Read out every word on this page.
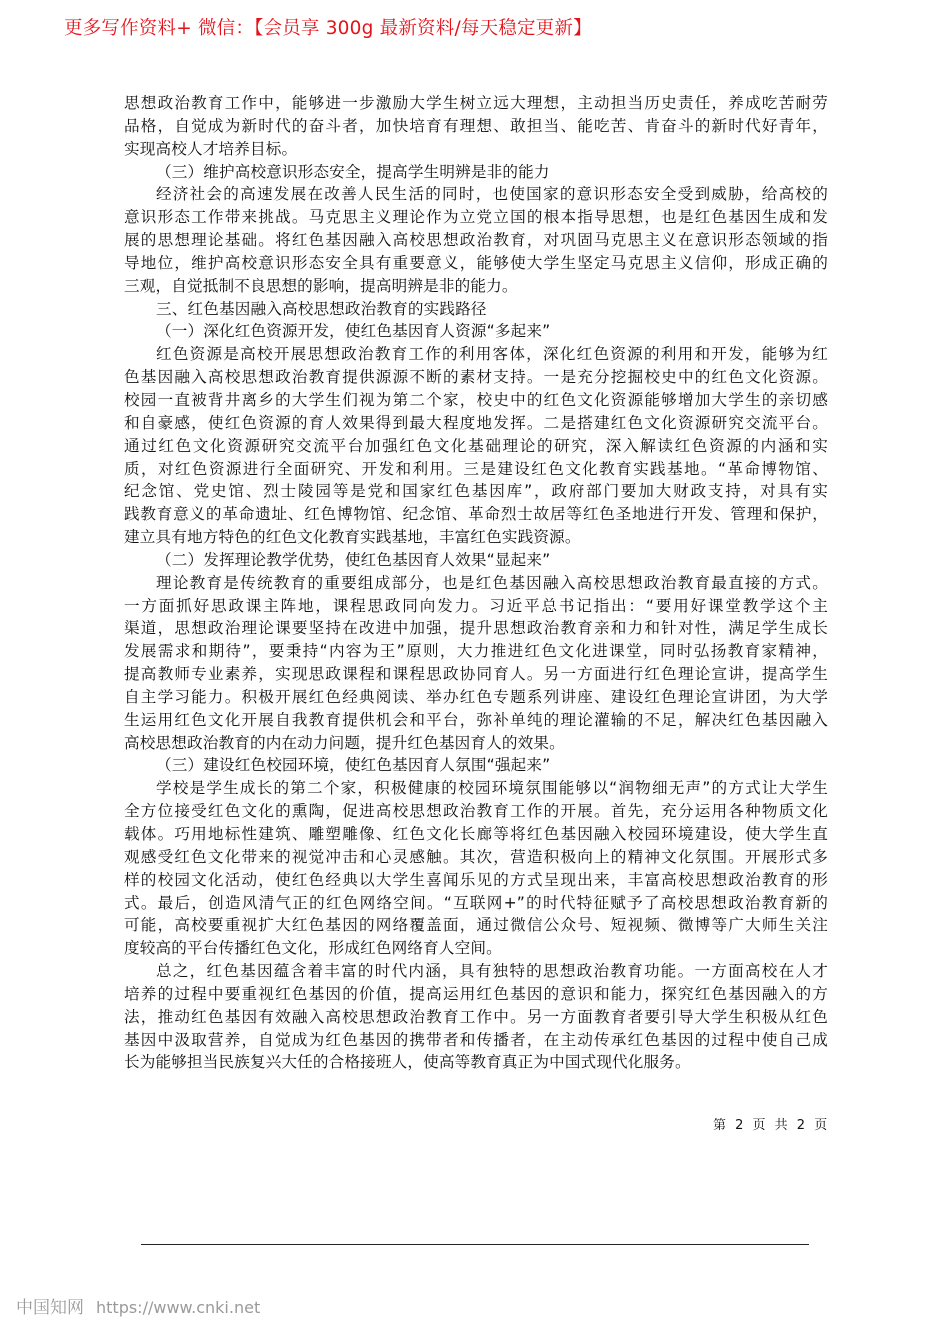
更多写作资料+ 微信：【会员享 300g 最新资料/每天稳定更新】
思想政治教育工作中，能够进一步激励大学生树立远大理想，主动担当历史责任，养成吃苦耐劳
品格，自觉成为新时代的奋斗者，加快培育有理想、敢担当、能吃苦、肯奋斗的新时代好青年，
实现高校人才培养目标。
（三）维护高校意识形态安全，提高学生明辨是非的能力
经济社会的高速发展在改善人民生活的同时，也使国家的意识形态安全受到威胁，给高校的
意识形态工作带来挑战。马克思主义理论作为立党立国的根本指导思想，也是红色基因生成和发
展的思想理论基础。将红色基因融入高校思想政治教育，对巩固马克思主义在意识形态领域的指
导地位，维护高校意识形态安全具有重要意义，能够使大学生坚定马克思主义信仰，形成正确的
三观，自觉抵制不良思想的影响，提高明辨是非的能力。
三、红色基因融入高校思想政治教育的实践路径
（一）深化红色资源开发，使红色基因育人资源“多起来”
红色资源是高校开展思想政治教育工作的利用客体，深化红色资源的利用和开发，能够为红
色基因融入高校思想政治教育提供源源不断的素材支持。一是充分挖掘校史中的红色文化资源。
校园一直被背井离乡的大学生们视为第二个家，校史中的红色文化资源能够增加大学生的亲切感
和自豪感，使红色资源的育人效果得到最大程度地发挥。二是搭建红色文化资源研究交流平台。
通过红色文化资源研究交流平台加强红色文化基础理论的研究，深入解读红色资源的内涵和实
质，对红色资源进行全面研究、开发和利用。三是建设红色文化教育实践基地。“革命博物馆、
纪念馆、党史馆、烈士陵园等是党和国家红色基因库”，政府部门要加大财政支持，对具有实
践教育意义的革命遗址、红色博物馆、纪念馆、革命烈士故居等红色圣地进行开发、管理和保护，
建立具有地方特色的红色文化教育实践基地，丰富红色实践资源。
（二）发挥理论教学优势，使红色基因育人效果“显起来”
理论教育是传统教育的重要组成部分，也是红色基因融入高校思想政治教育最直接的方式。
一方面抓好思政课主阵地，课程思政同向发力。习近平总书记指出：“要用好课堂教学这个主
渠道，思想政治理论课要坚持在改进中加强，提升思想政治教育亲和力和针对性，满足学生成长
发展需求和期待”，要秉持“内容为王”原则，大力推进红色文化进课堂，同时弘扬教育家精神，
提高教师专业素养，实现思政课程和课程思政协同育人。另一方面进行红色理论宣讲，提高学生
自主学习能力。积极开展红色经典阅读、举办红色专题系列讲座、建设红色理论宣讲团，为大学
生运用红色文化开展自我教育提供机会和平台，弥补单纯的理论灌输的不足，解决红色基因融入
高校思想政治教育的内在动力问题，提升红色基因育人的效果。
（三）建设红色校园环境，使红色基因育人氛围“强起来”
学校是学生成长的第二个家，积极健康的校园环境氛围能够以“润物细无声”的方式让大学生
全方位接受红色文化的熏陶，促进高校思想政治教育工作的开展。首先，充分运用各种物质文化
载体。巧用地标性建筑、雕塑雕像、红色文化长廊等将红色基因融入校园环境建设，使大学生直
观感受红色文化带来的视觉冲击和心灵感触。其次，营造积极向上的精神文化氛围。开展形式多
样的校园文化活动，使红色经典以大学生喜闻乐见的方式呈现出来，丰富高校思想政治教育的形
式。最后，创造风清气正的红色网络空间。“互联网+”的时代特征赋予了高校思想政治教育新的
可能，高校要重视扩大红色基因的网络覆盖面，通过微信公众号、短视频、微博等广大师生关注
度较高的平台传播红色文化，形成红色网络育人空间。
总之，红色基因蕴含着丰富的时代内涵，具有独特的思想政治教育功能。一方面高校在人才
培养的过程中要重视红色基因的价值，提高运用红色基因的意识和能力，探究红色基因融入的方
法，推动红色基因有效融入高校思想政治教育工作中。另一方面教育者要引导大学生积极从红色
基因中汲取营养，自觉成为红色基因的携带者和传播者，在主动传承红色基因的过程中使自己成
长为能够担当民族复兴大任的合格接班人，使高等教育真正为中国式现代化服务。
第 2 页 共 2 页
中国知网 https://www.cnki.net
